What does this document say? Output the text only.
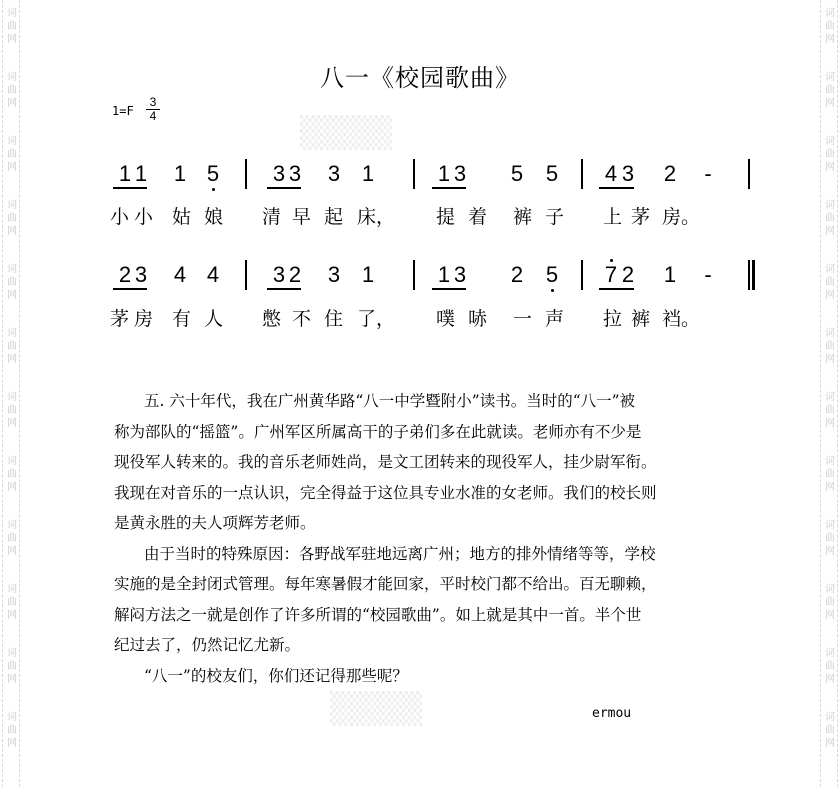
词
曲
网
词
曲
网
词
曲
网
词
曲
网
词
曲
网
词
曲
网
词
曲
网
词
曲
网
词
曲
网
词
曲
网
词
曲
网
词
曲
网
词
曲
网
词
曲
网
词
曲
网
词
曲
网
词
曲
网
词
曲
网
词
曲
网
词
曲
网
词
曲
网
词
曲
网
词
曲
网
词
曲
网
▒▒▒▒
▒▒▒▒
八一《校园歌曲》
1=F
3
4
1 1 1 5 3 3 3 1	1 3 5 5 4 3 2 -
小 小 姑 娘 清 早 起 床， 提 着 裤 子 上 茅 房。
2 3 4 4 3 2 3 1	1 3 2 5 7 2 1 -
茅 房 有 人 憋 不 住 了， 噗 哧 一 声 拉 裤 裆。
五. 六十年代，我在广州黄华路“八一中学暨附小”读书。当时的“八一”被
称为部队的“摇篮”。广州军区所属高干的子弟们多在此就读。老师亦有不少是
现役军人转来的。我的音乐老师姓尚，是文工团转来的现役军人，挂少尉军衔。
我现在对音乐的一点认识，完全得益于这位具专业水准的女老师。我们的校长则
是黄永胜的夫人项辉芳老师。
由于当时的特殊原因：各野战军驻地远离广州；地方的排外情绪等等，学校
实施的是全封闭式管理。每年寒暑假才能回家，平时校门都不给出。百无聊赖，
解闷方法之一就是创作了许多所谓的“校园歌曲”。如上就是其中一首。半个世
纪过去了，仍然记忆尤新。
“八一”的校友们，你们还记得那些呢？
ermou
